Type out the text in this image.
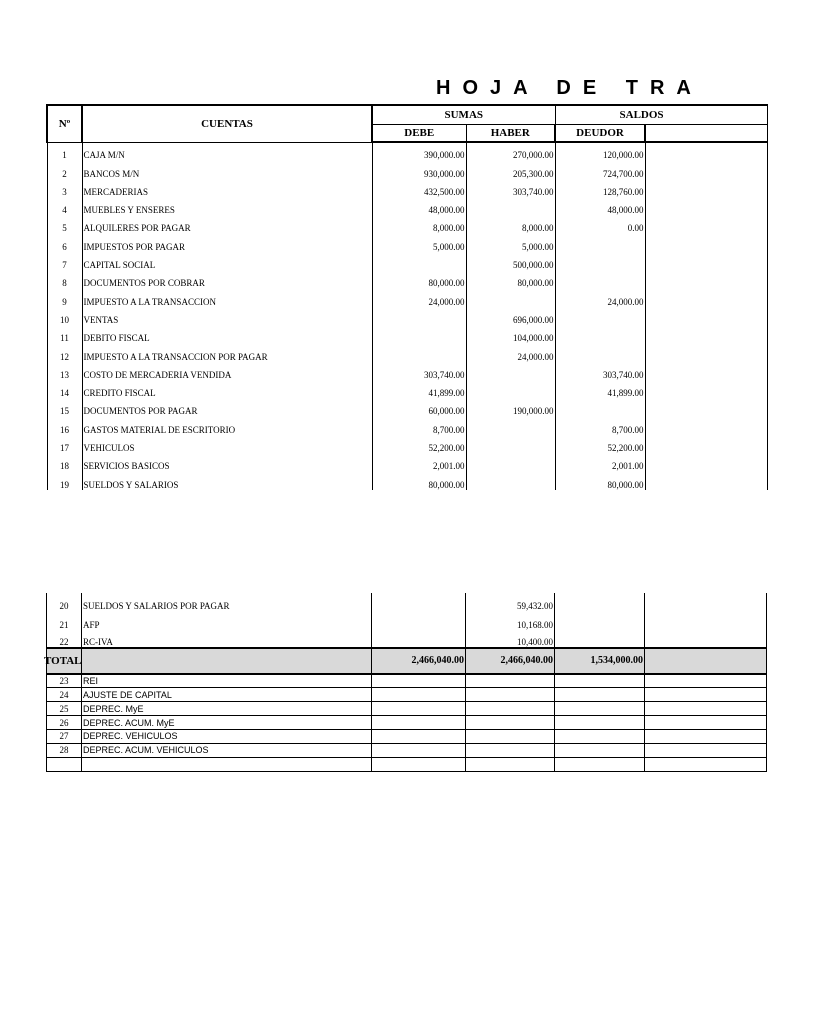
HOJA DE TRA
Nº	CUENTAS	SUMAS		SALDOS	
		DEBE	HABER	DEUDOR	
1	CAJA M/N	390,000.00	270,000.00	120,000.00	
2	BANCOS M/N	930,000.00	205,300.00	724,700.00	
3	MERCADERIAS	432,500.00	303,740.00	128,760.00	
4	MUEBLES Y ENSERES	48,000.00		48,000.00	
5	ALQUILERES POR PAGAR	8,000.00	8,000.00	0.00	
6	IMPUESTOS POR PAGAR	5,000.00	5,000.00		
7	CAPITAL SOCIAL		500,000.00		
8	DOCUMENTOS POR COBRAR	80,000.00	80,000.00		
9	IMPUESTO A LA TRANSACCION	24,000.00		24,000.00	
10	VENTAS		696,000.00		
11	DEBITO FISCAL		104,000.00		
12	IMPUESTO A LA TRANSACCION POR PAGAR		24,000.00		
13	COSTO DE MERCADERIA VENDIDA	303,740.00		303,740.00	
14	CREDITO FISCAL	41,899.00		41,899.00	
15	DOCUMENTOS POR PAGAR	60,000.00	190,000.00		
16	GASTOS MATERIAL DE ESCRITORIO	8,700.00		8,700.00	
17	VEHICULOS	52,200.00		52,200.00	
18	SERVICIOS BASICOS	2,001.00		2,001.00	
19	SUELDOS Y SALARIOS	80,000.00		80,000.00	
20	SUELDOS Y SALARIOS POR PAGAR		59,432.00		
21	AFP		10,168.00		
22	RC-IVA		10,400.00		
TOTAL		2,466,040.00	2,466,040.00	1,534,000.00	
23	REI				
24	AJUSTE DE CAPITAL				
25	DEPREC. MyE				
26	DEPREC. ACUM. MyE				
27	DEPREC. VEHICULOS				
28	DEPREC. ACUM. VEHICULOS				
